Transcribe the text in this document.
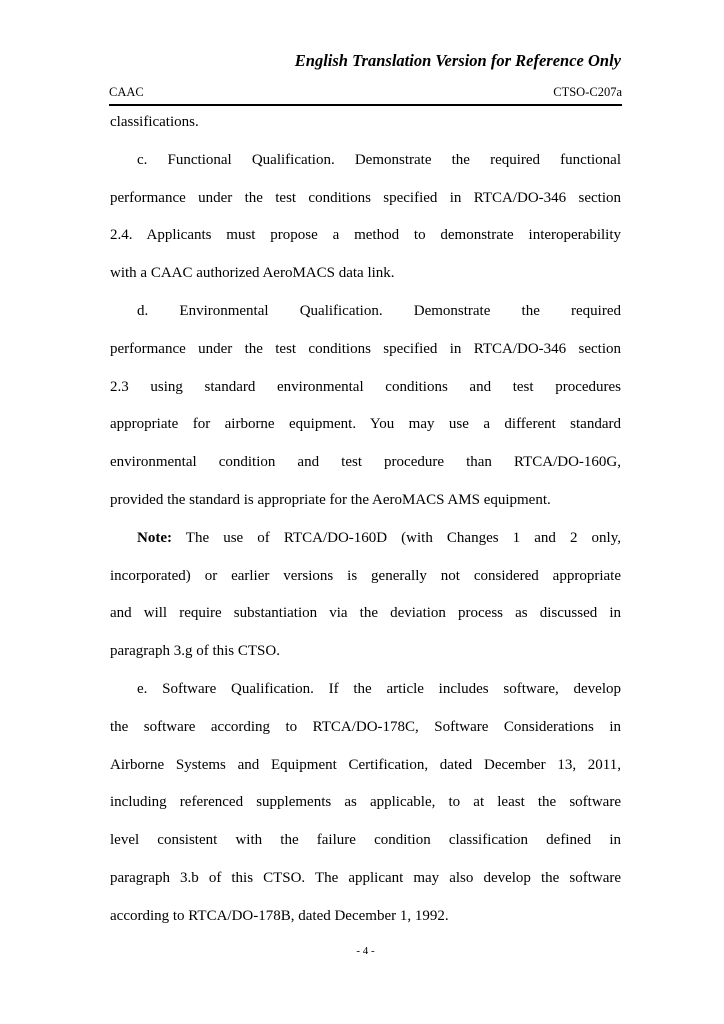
English Translation Version for Reference Only
CAAC	CTSO-C207a
classifications.
c. Functional Qualification. Demonstrate the required functional
performance under the test conditions specified in RTCA/DO-346 section
2.4. Applicants must propose a method to demonstrate interoperability
with a CAAC authorized AeroMACS data link.
d. Environmental Qualification. Demonstrate the required
performance under the test conditions specified in RTCA/DO-346 section
2.3 using standard environmental conditions and test procedures
appropriate for airborne equipment. You may use a different standard
environmental condition and test procedure than RTCA/DO-160G,
provided the standard is appropriate for the AeroMACS AMS equipment.
Note: The use of RTCA/DO-160D (with Changes 1 and 2 only,
incorporated) or earlier versions is generally not considered appropriate
and will require substantiation via the deviation process as discussed in
paragraph 3.g of this CTSO.
e. Software Qualification. If the article includes software, develop
the software according to RTCA/DO-178C, Software Considerations in
Airborne Systems and Equipment Certification, dated December 13, 2011,
including referenced supplements as applicable, to at least the software
level consistent with the failure condition classification defined in
paragraph 3.b of this CTSO. The applicant may also develop the software
according to RTCA/DO-178B, dated December 1, 1992.
- 4 -
